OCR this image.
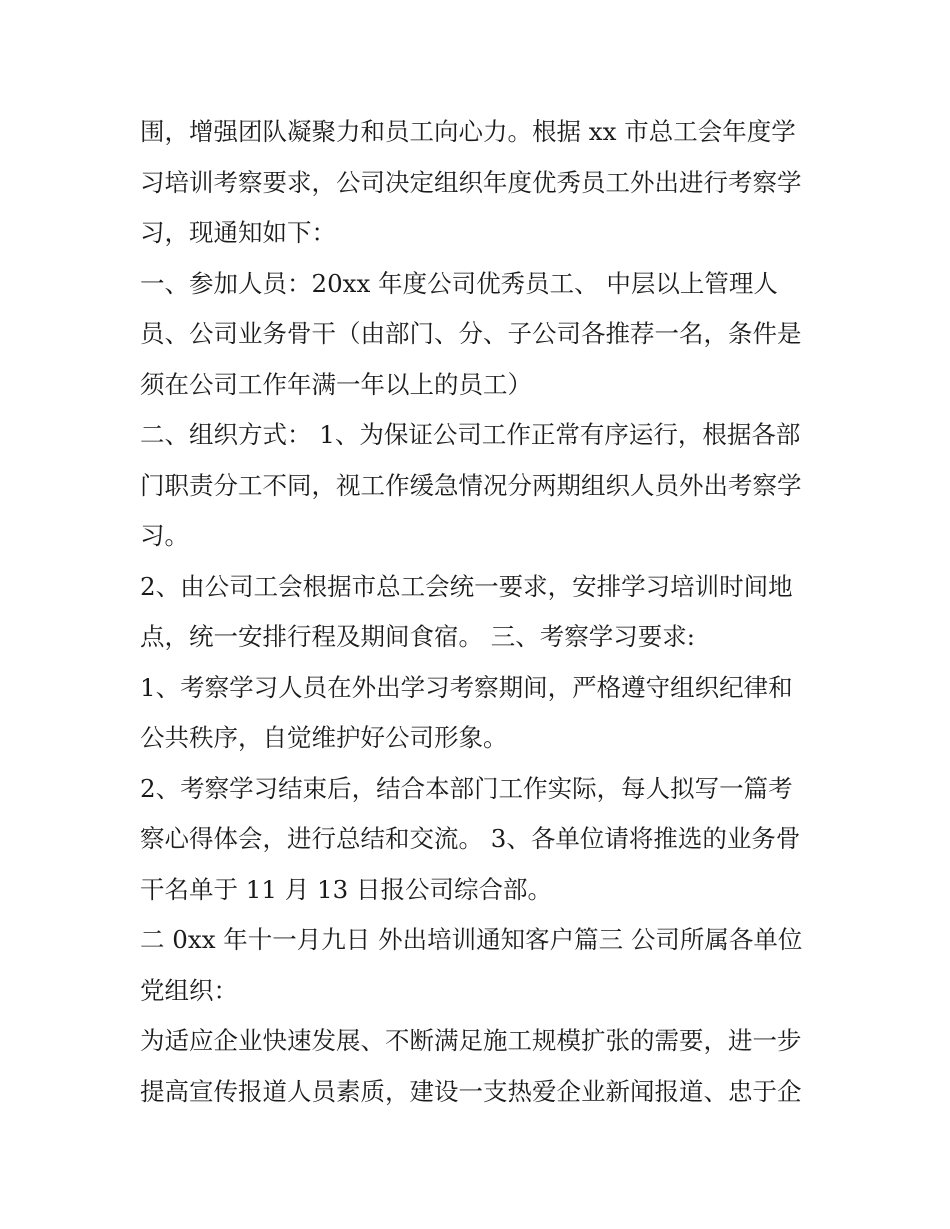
围，增强团队凝聚力和员工向心力。根据 xx 市总工会年度学
习培训考察要求，公司决定组织年度优秀员工外出进行考察学
习，现通知如下：
一、参加人员：20xx 年度公司优秀员工、 中层以上管理人
员、公司业务骨干（由部门、分、子公司各推荐一名，条件是
须在公司工作年满一年以上的员工）
二、组织方式： 1、为保证公司工作正常有序运行，根据各部
门职责分工不同，视工作缓急情况分两期组织人员外出考察学
习。
2、由公司工会根据市总工会统一要求，安排学习培训时间地
点，统一安排行程及期间食宿。 三、考察学习要求:
1、考察学习人员在外出学习考察期间，严格遵守组织纪律和
公共秩序，自觉维护好公司形象。
2、考察学习结束后，结合本部门工作实际，每人拟写一篇考
察心得体会，进行总结和交流。 3、各单位请将推选的业务骨
干名单于 11 月 13 日报公司综合部。
二 0xx 年十一月九日 外出培训通知客户篇三 公司所属各单位
党组织：
为适应企业快速发展、不断满足施工规模扩张的需要，进一步
提高宣传报道人员素质，建设一支热爱企业新闻报道、忠于企
